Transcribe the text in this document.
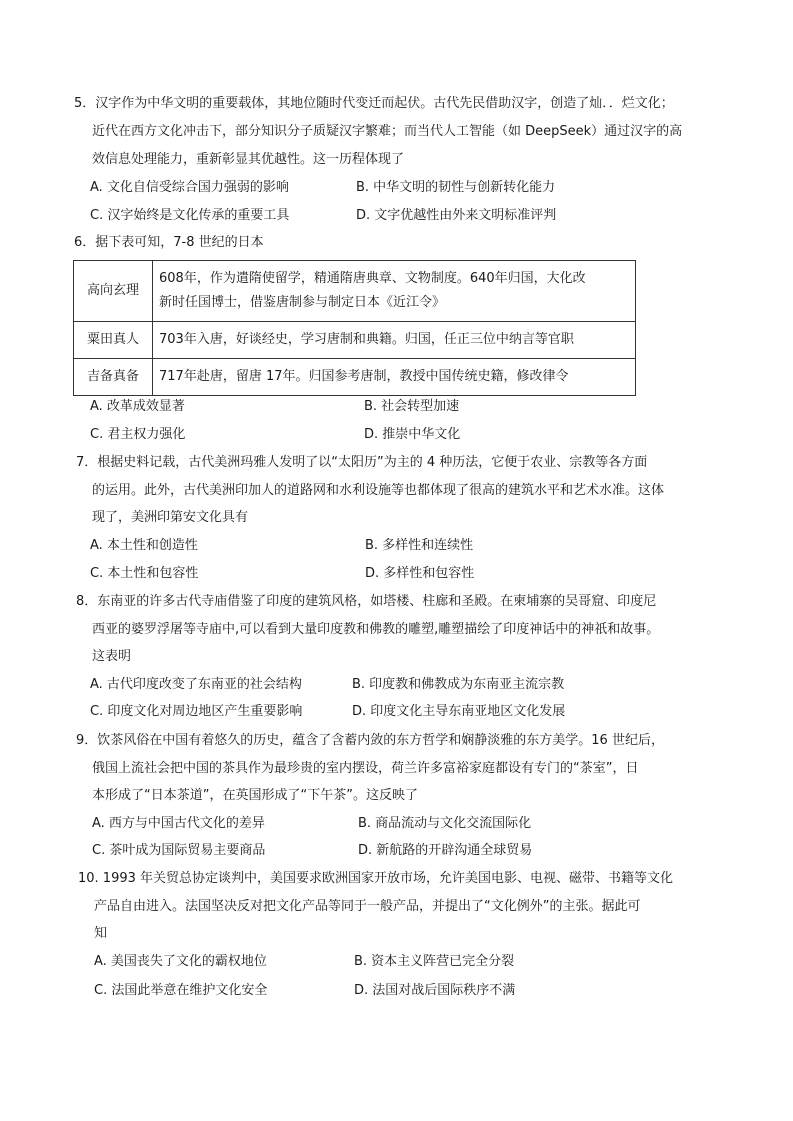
5．汉字作为中华文明的重要载体，其地位随时代变迁而起伏。古代先民借助汉字，创造了灿．．烂文化；
近代在西方文化冲击下，部分知识分子质疑汉字繁难；而当代人工智能（如 DeepSeek）通过汉字的高
效信息处理能力，重新彰显其优越性。这一历程体现了
A. 文化自信受综合国力强弱的影响	B. 中华文明的韧性与创新转化能力
C. 汉字始终是文化传承的重要工具	D. 文字优越性由外来文明标准评判
6．据下表可知，7-8 世纪的日本
高向玄理	608年，作为遣隋使留学，精通隋唐典章、文物制度。640年归国，大化改
新时任国博士，借鉴唐制参与制定日本《近江令》

粟田真人	703年入唐，好谈经史，学习唐制和典籍。归国，任正三位中纳言等官职
吉备真备	717年赴唐，留唐 17年。归国参考唐制，教授中国传统史籍，修改律令
A. 改革成效显著	B. 社会转型加速
C. 君主权力强化	D. 推崇中华文化
7．根据史料记载，古代美洲玛雅人发明了以“太阳历”为主的 4 种历法，它便于农业、宗教等各方面
的运用。此外，古代美洲印加人的道路网和水利设施等也都体现了很高的建筑水平和艺术水准。这体
现了，美洲印第安文化具有
A. 本土性和创造性	B. 多样性和连续性
C. 本土性和包容性	D. 多样性和包容性
8．东南亚的许多古代寺庙借鉴了印度的建筑风格，如塔楼、柱廊和圣殿。在柬埔寨的吴哥窟、印度尼
西亚的婆罗浮屠等寺庙中,可以看到大量印度教和佛教的雕塑,雕塑描绘了印度神话中的神祇和故事。
这表明
A. 古代印度改变了东南亚的社会结构	B. 印度教和佛教成为东南亚主流宗教
C. 印度文化对周边地区产生重要影响	D. 印度文化主导东南亚地区文化发展
9．饮茶风俗在中国有着悠久的历史，蕴含了含蓄内敛的东方哲学和娴静淡雅的东方美学。16 世纪后，
俄国上流社会把中国的茶具作为最珍贵的室内摆设，荷兰许多富裕家庭都设有专门的“茶室”，日
本形成了“日本茶道”，在英国形成了“下午茶”。这反映了
A. 西方与中国古代文化的差异	B. 商品流动与文化交流国际化
C. 茶叶成为国际贸易主要商品	D. 新航路的开辟沟通全球贸易
10. 1993 年关贸总协定谈判中，美国要求欧洲国家开放市场，允许美国电影、电视、磁带、书籍等文化
产品自由进入。法国坚决反对把文化产品等同于一般产品，并提出了“文化例外”的主张。据此可
知
A. 美国丧失了文化的霸权地位	B. 资本主义阵营已完全分裂
C. 法国此举意在维护文化安全	D. 法国对战后国际秩序不满
